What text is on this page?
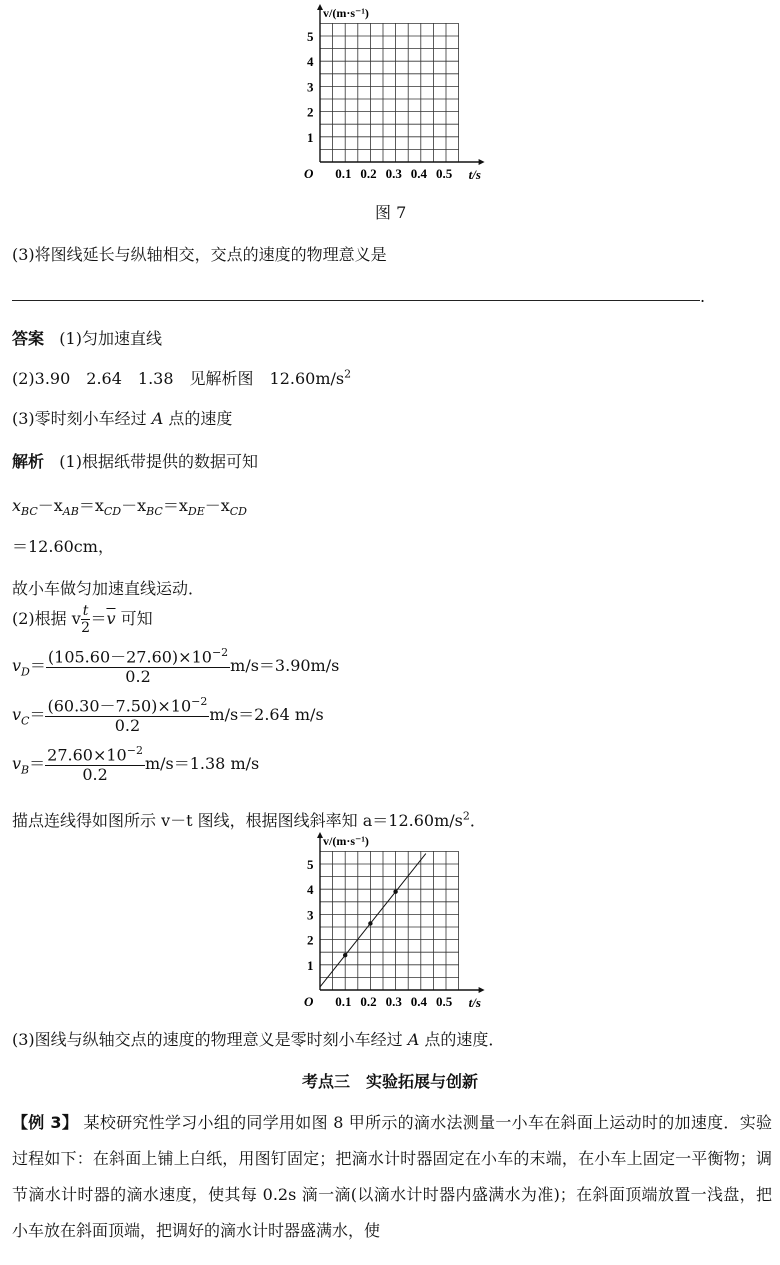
v/(m·s⁻¹)
t/s
O
1
2
3
4
5
0.1 0.2 0.3 0.4 0.5
图 7
(3)将图线延长与纵轴相交，交点的速度的物理意义是
.
答案 (1)匀加速直线
(2)3.90　2.64　1.38　见解析图　$12.60m/s^2$
(3)零时刻小车经过 A 点的速度
解析 (1)根据纸带提供的数据可知
$x_{BC}-x_{AB}=x_{CD}-x_{BC}=x_{DE}-x_{CD}$
＝12.60cm，
故小车做匀加速直线运动．
(2)根据 v $\frac{t}{2} =\overline{v}$ 可知
$v_D= \frac{(105.60-27.60)\times 10^{-2}}{0.2} m/s=3.90m/s$
$v_C= \frac{(60.30-7.50)\times 10^{-2}}{0.2} m/s=2.64$ m/s
$v_B= \frac{27.60\times 10^{-2}}{0.2} m/s=1.38$ m/s
描点连线得如图所示 v－t 图线，根据图线斜率知 $a=12.60m/s^2$．
v/(m·s⁻¹)
t/s
O
1
2
3
4
5
0.1 0.2 0.3 0.4 0.5
(3)图线与纵轴交点的速度的物理意义是零时刻小车经过 A 点的速度．
考点三　实验拓展与创新
【例 3】 某校研究性学习小组的同学用如图 8 甲所示的滴水法测量一小车在斜面上运动时的加速度．实验过程如下：在斜面上铺上白纸，用图钉固定；把滴水计时器固定在小车的末端，在小车上固定一平衡物；调节滴水计时器的滴水速度，使其每 0.2s 滴一滴(以滴水计时器内盛满水为准)；在斜面顶端放置一浅盘，把小车放在斜面顶端，把调好的滴水计时器盛满水，使
